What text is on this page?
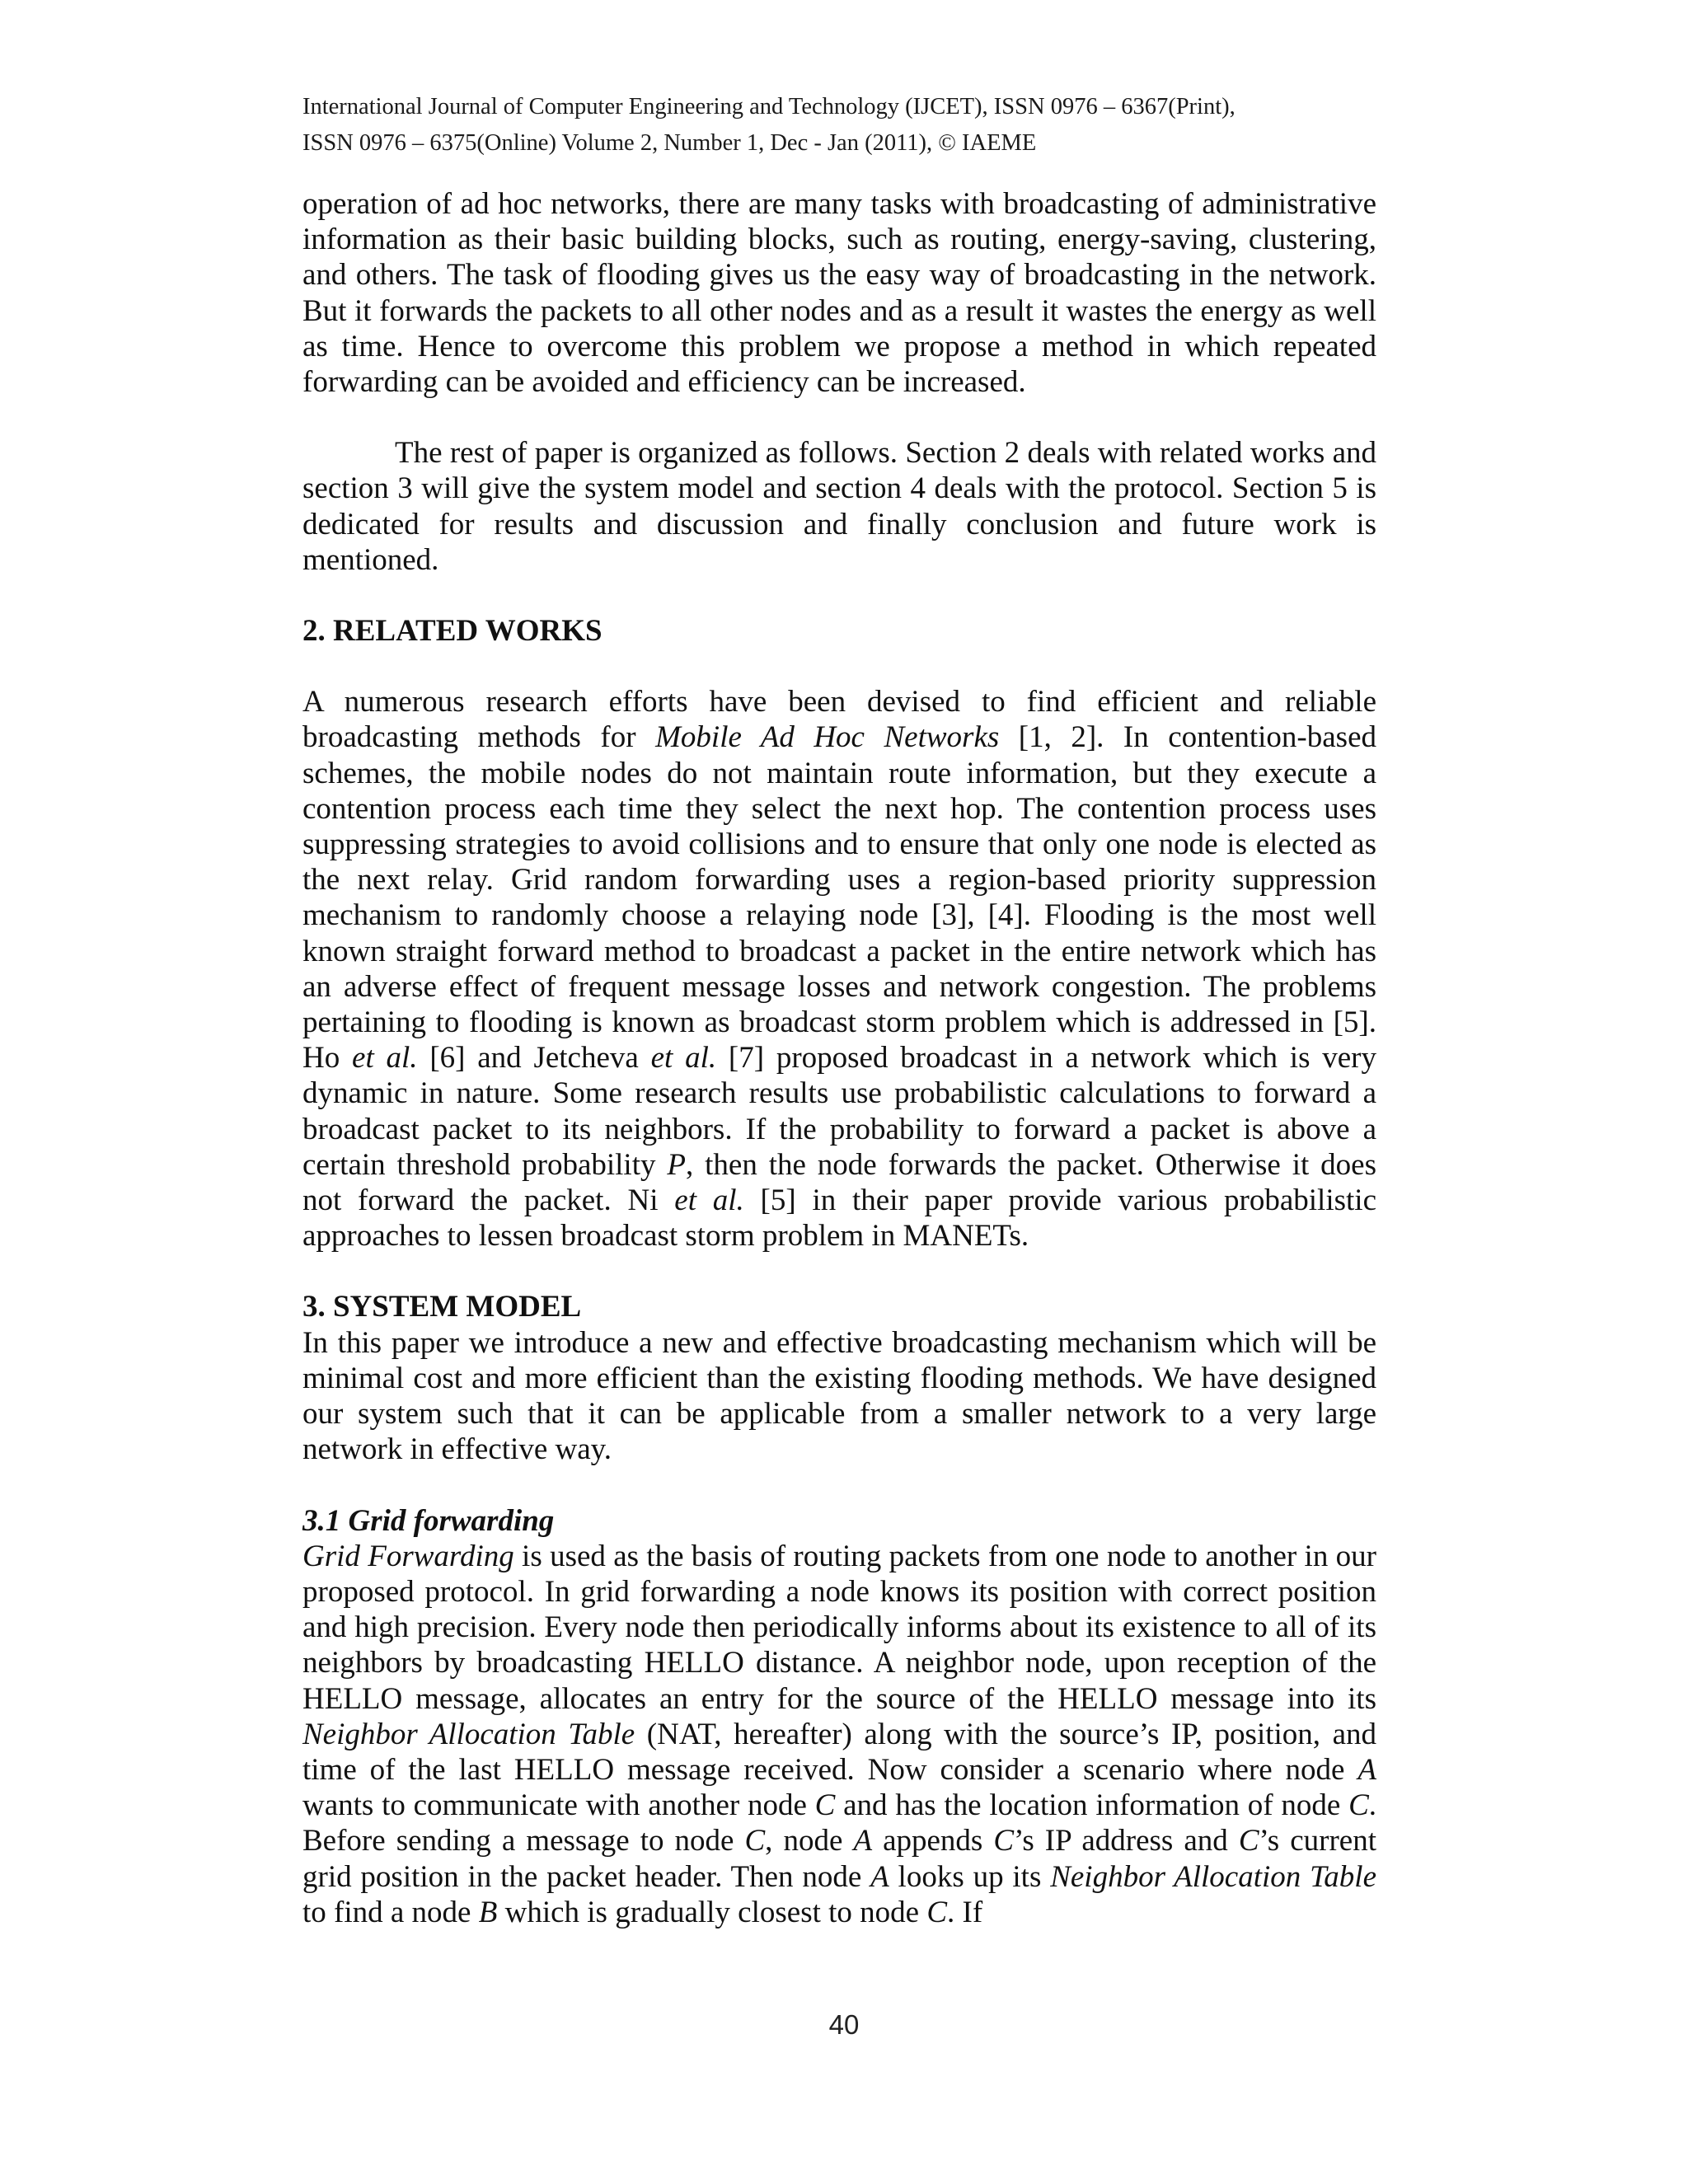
International Journal of Computer Engineering and Technology (IJCET), ISSN 0976 – 6367(Print),
ISSN 0976 – 6375(Online) Volume 2, Number 1, Dec - Jan (2011), © IAEME

operation of ad hoc networks, there are many tasks with broadcasting of administrative information as their basic building blocks, such as routing, energy-saving, clustering, and others. The task of flooding gives us the easy way of broadcasting in the network. But it forwards the packets to all other nodes and as a result it wastes the energy as well as time. Hence to overcome this problem we propose a method in which repeated forwarding can be avoided and efficiency can be increased.

The rest of paper is organized as follows. Section 2 deals with related works and section 3 will give the system model and section 4 deals with the protocol. Section 5 is dedicated for results and discussion and finally conclusion and future work is mentioned.

2. RELATED WORKS

A numerous research efforts have been devised to find efficient and reliable broadcasting methods for Mobile Ad Hoc Networks [1, 2]. In contention-based schemes, the mobile nodes do not maintain route information, but they execute a contention process each time they select the next hop. The contention process uses suppressing strategies to avoid collisions and to ensure that only one node is elected as the next relay. Grid random forwarding uses a region-based priority suppression mechanism to randomly choose a relaying node [3], [4]. Flooding is the most well known straight forward method to broadcast a packet in the entire network which has an adverse effect of frequent message losses and network congestion. The problems pertaining to flooding is known as broadcast storm problem which is addressed in [5]. Ho et al. [6] and Jetcheva et al. [7] proposed broadcast in a network which is very dynamic in nature. Some research results use probabilistic calculations to forward a broadcast packet to its neighbors. If the probability to forward a packet is above a certain threshold probability P, then the node forwards the packet. Otherwise it does not forward the packet. Ni et al. [5] in their paper provide various probabilistic approaches to lessen broadcast storm problem in MANETs.

3. SYSTEM MODEL

In this paper we introduce a new and effective broadcasting mechanism which will be minimal cost and more efficient than the existing flooding methods. We have designed our system such that it can be applicable from a smaller network to a very large network in effective way.

3.1 Grid forwarding

Grid Forwarding is used as the basis of routing packets from one node to another in our proposed protocol. In grid forwarding a node knows its position with correct position and high precision. Every node then periodically informs about its existence to all of its neighbors by broadcasting HELLO distance. A neighbor node, upon reception of the HELLO message, allocates an entry for the source of the HELLO message into its Neighbor Allocation Table (NAT, hereafter) along with the source’s IP, position, and time of the last HELLO message received. Now consider a scenario where node A wants to communicate with another node C and has the location information of node C. Before sending a message to node C, node A appends C’s IP address and C’s current grid position in the packet header. Then node A looks up its Neighbor Allocation Table to find a node B which is gradually closest to node C. If

40
